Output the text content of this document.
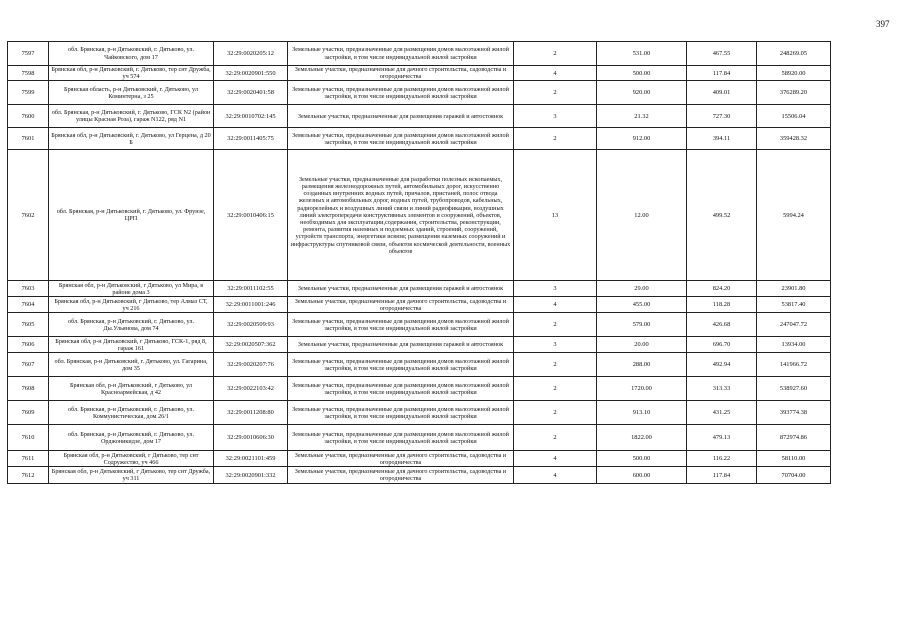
397
7597	обл. Брянская, р-н Дятьковский, г. Дятьково, ул. Чайковского, дом 17	32:29:0020205:12	Земельные участки, предназначенные для размещения домов малоэтажной жилой застройки, в том числе индивидуальной жилой застройки	2	531.00	467.55	248269.05
7598	Брянская обл, р-н Дятьковский, г. Дятьково, тер снт Дружба, уч 574	32:29:0020901:550	Земельные участки, предназначенные для дачного строительства, садоводства и огородничества	4	500.00	117.84	58920.00
7599	Брянская область, р-н Дятьковский, г. Дятьково, ул Коминтерна, з 25	32:29:0020401:58	Земельные участки, предназначенные для размещения домов малоэтажной жилой застройки, в том числе индивидуальной жилой застройки	2	920.00	409.01	376289.20
7600	обл. Брянская, р-н Дятьковский, г. Дятьково, ГСК N2 (район улицы Красная Роза), гараж N122, ряд N1	32:29:0010702:145	Земельные участки, предназначенные для размещения гаражей и автостоянок	3	21.32	727.30	15506.04
7601	Брянская обл, р-н Дятьковский, г. Дятьково, ул Герцена, д 20 Б	32:29:0011405:75	Земельные участки, предназначенные для размещения домов малоэтажной жилой застройки, в том числе индивидуальной жилой застройки	2	912.00	394.11	359428.32
7602	обл. Брянская, р-н Дятьковский, г. Дятьково, ул. Фрунзе, ЦРП	32:29:0010406:15	Земельные участки, предназначенные для разработки полезных ископаемых, размещения железнодорожных путей, автомобильных дорог, искусственно созданных внутренних водных путей, причалов, пристаней, полос отвода железных и автомобильных дорог, водных путей, трубопроводов, кабельных, радиорелейных и воздушных линий связи и линий радиофикации, воздушных линий электропередачи конструктивных элементов и сооружений, объектов, необходимых для эксплуатации,содержания, строительства, реконструкции, ремонта, развития наземных и подземных зданий, строений, сооружений, устройств транспорта, энергетики исвязи; размещения наземных сооружений и инфраструктуры спутниковой связи, объектов космической деятельности, военных объектов	13	12.00	499.52	5994.24
7603	Брянская обл, р-н Дятьковский, г Дятьково, ул Мира, в районе дома 3	32:29:0011102:55	Земельные участки, предназначенные для размещения гаражей и автостоянок	3	29.00	824.20	23901.80
7604	Брянская обл, р-н Дятьковский, г Дятьково, тер Алмаз СТ, уч 216	32:29:0011001:246	Земельные участки, предназначенные для дачного строительства, садоводства и огородничества	4	455.00	118.28	53817.40
7605	обл. Брянская, р-н Дятьковский, г. Дятьково, ул. Ды.Ульянова, дом 74	32:29:0020509:93	Земельные участки, предназначенные для размещения домов малоэтажной жилой застройки, в том числе индивидуальной жилой застройки	2	579.00	426.68	247047.72
7606	Брянская обл, р-н Дятьковский, г Дятьково, ГСК-1, ряд 8, гараж 161	32:29:0020507:362	Земельные участки, предназначенные для размещения гаражей и автостоянок	3	20.00	696.70	13934.00
7607	обл. Брянская, р-н Дятьковский, г. Дятьково, ул. Гагарина, дом 35	32:29:0020207:76	Земельные участки, предназначенные для размещения домов малоэтажной жилой застройки, в том числе индивидуальной жилой застройки	2	288.00	492.94	141966.72
7608	Брянская обл, р-н Дятьковский, г Дятьково, ул Красноармейская, д 42	32:29:0022103:42	Земельные участки, предназначенные для размещения домов малоэтажной жилой застройки, в том числе индивидуальной жилой застройки	2	1720.00	313.33	538927.60
7609	обл. Брянская, р-н Дятьковский, г. Дятьково, ул. Коммунистическая, дом 26/1	32:29:0011208:80	Земельные участки, предназначенные для размещения домов малоэтажной жилой застройки, в том числе индивидуальной жилой застройки	2	913.10	431.25	393774.38
7610	обл. Брянская, р-н Дятьковский, г. Дятьково, ул. Орджоникидзе, дом 17	32:29:0010606:30	Земельные участки, предназначенные для размещения домов малоэтажной жилой застройки, в том числе индивидуальной жилой застройки	2	1822.00	479.13	872974.86
7611	Брянская обл, р-н Дятьковский, г Дятьково, тер снт Содружество, уч 466	32:29:0021101:459	Земельные участки, предназначенные для дачного строительства, садоводства и огородничества	4	500.00	116.22	58110.00
7612	Брянская обл, р-н Дятьковский, г Дятьково, тер снт Дружба, уч 311	32:29:0020901:332	Земельные участки, предназначенные для дачного строительства, садоводства и огородничества	4	600.00	117.84	70704.00
